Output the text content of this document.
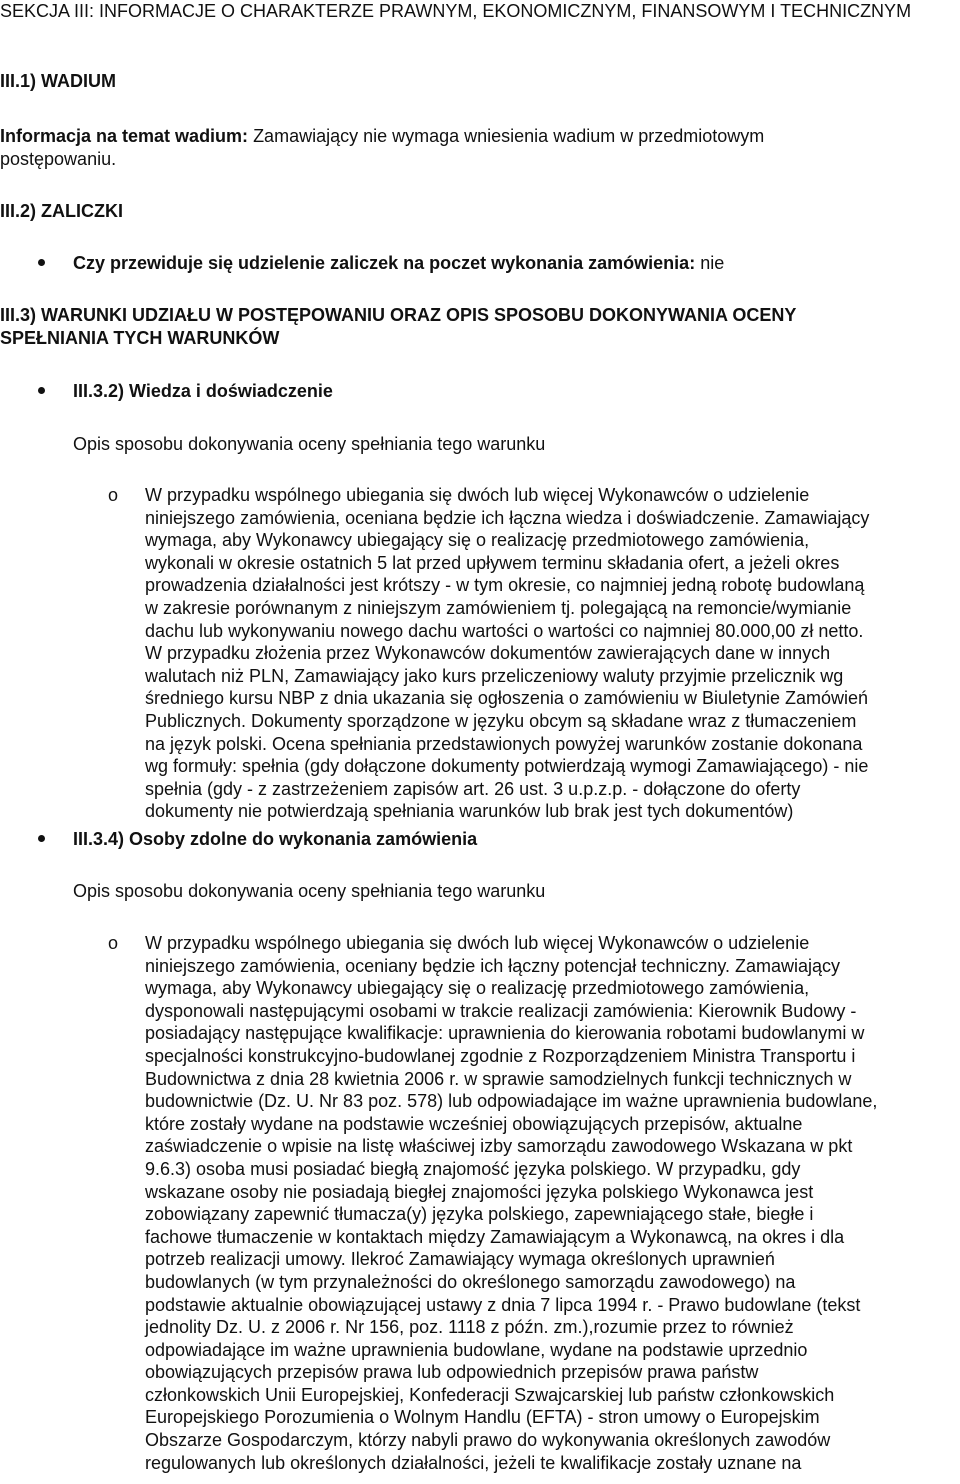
SEKCJA III: INFORMACJE O CHARAKTERZE PRAWNYM, EKONOMICZNYM, FINANSOWYM I TECHNICZNYM
III.1) WADIUM
Informacja na temat wadium: Zamawiający nie wymaga wniesienia wadium w przedmiotowym
postępowaniu.
III.2) ZALICZKI
Czy przewiduje się udzielenie zaliczek na poczet wykonania zamówienia: nie
III.3) WARUNKI UDZIAŁU W POSTĘPOWANIU ORAZ OPIS SPOSOBU DOKONYWANIA OCENY
SPEŁNIANIA TYCH WARUNKÓW
III.3.2) Wiedza i doświadczenie
Opis sposobu dokonywania oceny spełniania tego warunku
o W przypadku wspólnego ubiegania się dwóch lub więcej Wykonawców o udzielenie
niniejszego zamówienia, oceniana będzie ich łączna wiedza i doświadczenie. Zamawiający
wymaga, aby Wykonawcy ubiegający się o realizację przedmiotowego zamówienia,
wykonali w okresie ostatnich 5 lat przed upływem terminu składania ofert, a jeżeli okres
prowadzenia działalności jest krótszy - w tym okresie, co najmniej jedną robotę budowlaną
w zakresie porównanym z niniejszym zamówieniem tj. polegającą na remoncie/wymianie
dachu lub wykonywaniu nowego dachu wartości o wartości co najmniej 80.000,00 zł netto.
W przypadku złożenia przez Wykonawców dokumentów zawierających dane w innych
walutach niż PLN, Zamawiający jako kurs przeliczeniowy waluty przyjmie przelicznik wg
średniego kursu NBP z dnia ukazania się ogłoszenia o zamówieniu w Biuletynie Zamówień
Publicznych. Dokumenty sporządzone w języku obcym są składane wraz z tłumaczeniem
na język polski. Ocena spełniania przedstawionych powyżej warunków zostanie dokonana
wg formuły: spełnia (gdy dołączone dokumenty potwierdzają wymogi Zamawiającego) - nie
spełnia (gdy - z zastrzeżeniem zapisów art. 26 ust. 3 u.p.z.p. - dołączone do oferty
dokumenty nie potwierdzają spełniania warunków lub brak jest tych dokumentów)
III.3.4) Osoby zdolne do wykonania zamówienia
Opis sposobu dokonywania oceny spełniania tego warunku
o W przypadku wspólnego ubiegania się dwóch lub więcej Wykonawców o udzielenie
niniejszego zamówienia, oceniany będzie ich łączny potencjał techniczny. Zamawiający
wymaga, aby Wykonawcy ubiegający się o realizację przedmiotowego zamówienia,
dysponowali następującymi osobami w trakcie realizacji zamówienia: Kierownik Budowy -
posiadający następujące kwalifikacje: uprawnienia do kierowania robotami budowlanymi w
specjalności konstrukcyjno-budowlanej zgodnie z Rozporządzeniem Ministra Transportu i
Budownictwa z dnia 28 kwietnia 2006 r. w sprawie samodzielnych funkcji technicznych w
budownictwie (Dz. U. Nr 83 poz. 578) lub odpowiadające im ważne uprawnienia budowlane,
które zostały wydane na podstawie wcześniej obowiązujących przepisów, aktualne
zaświadczenie o wpisie na listę właściwej izby samorządu zawodowego Wskazana w pkt
9.6.3) osoba musi posiadać biegłą znajomość języka polskiego. W przypadku, gdy
wskazane osoby nie posiadają biegłej znajomości języka polskiego Wykonawca jest
zobowiązany zapewnić tłumacza(y) języka polskiego, zapewniającego stałe, biegłe i
fachowe tłumaczenie w kontaktach między Zamawiającym a Wykonawcą, na okres i dla
potrzeb realizacji umowy. Ilekroć Zamawiający wymaga określonych uprawnień
budowlanych (w tym przynależności do określonego samorządu zawodowego) na
podstawie aktualnie obowiązującej ustawy z dnia 7 lipca 1994 r. - Prawo budowlane (tekst
jednolity Dz. U. z 2006 r. Nr 156, poz. 1118 z późn. zm.),rozumie przez to również
odpowiadające im ważne uprawnienia budowlane, wydane na podstawie uprzednio
obowiązujących przepisów prawa lub odpowiednich przepisów prawa państw
członkowskich Unii Europejskiej, Konfederacji Szwajcarskiej lub państw członkowskich
Europejskiego Porozumienia o Wolnym Handlu (EFTA) - stron umowy o Europejskim
Obszarze Gospodarczym, którzy nabyli prawo do wykonywania określonych zawodów
regulowanych lub określonych działalności, jeżeli te kwalifikacje zostały uznane na
